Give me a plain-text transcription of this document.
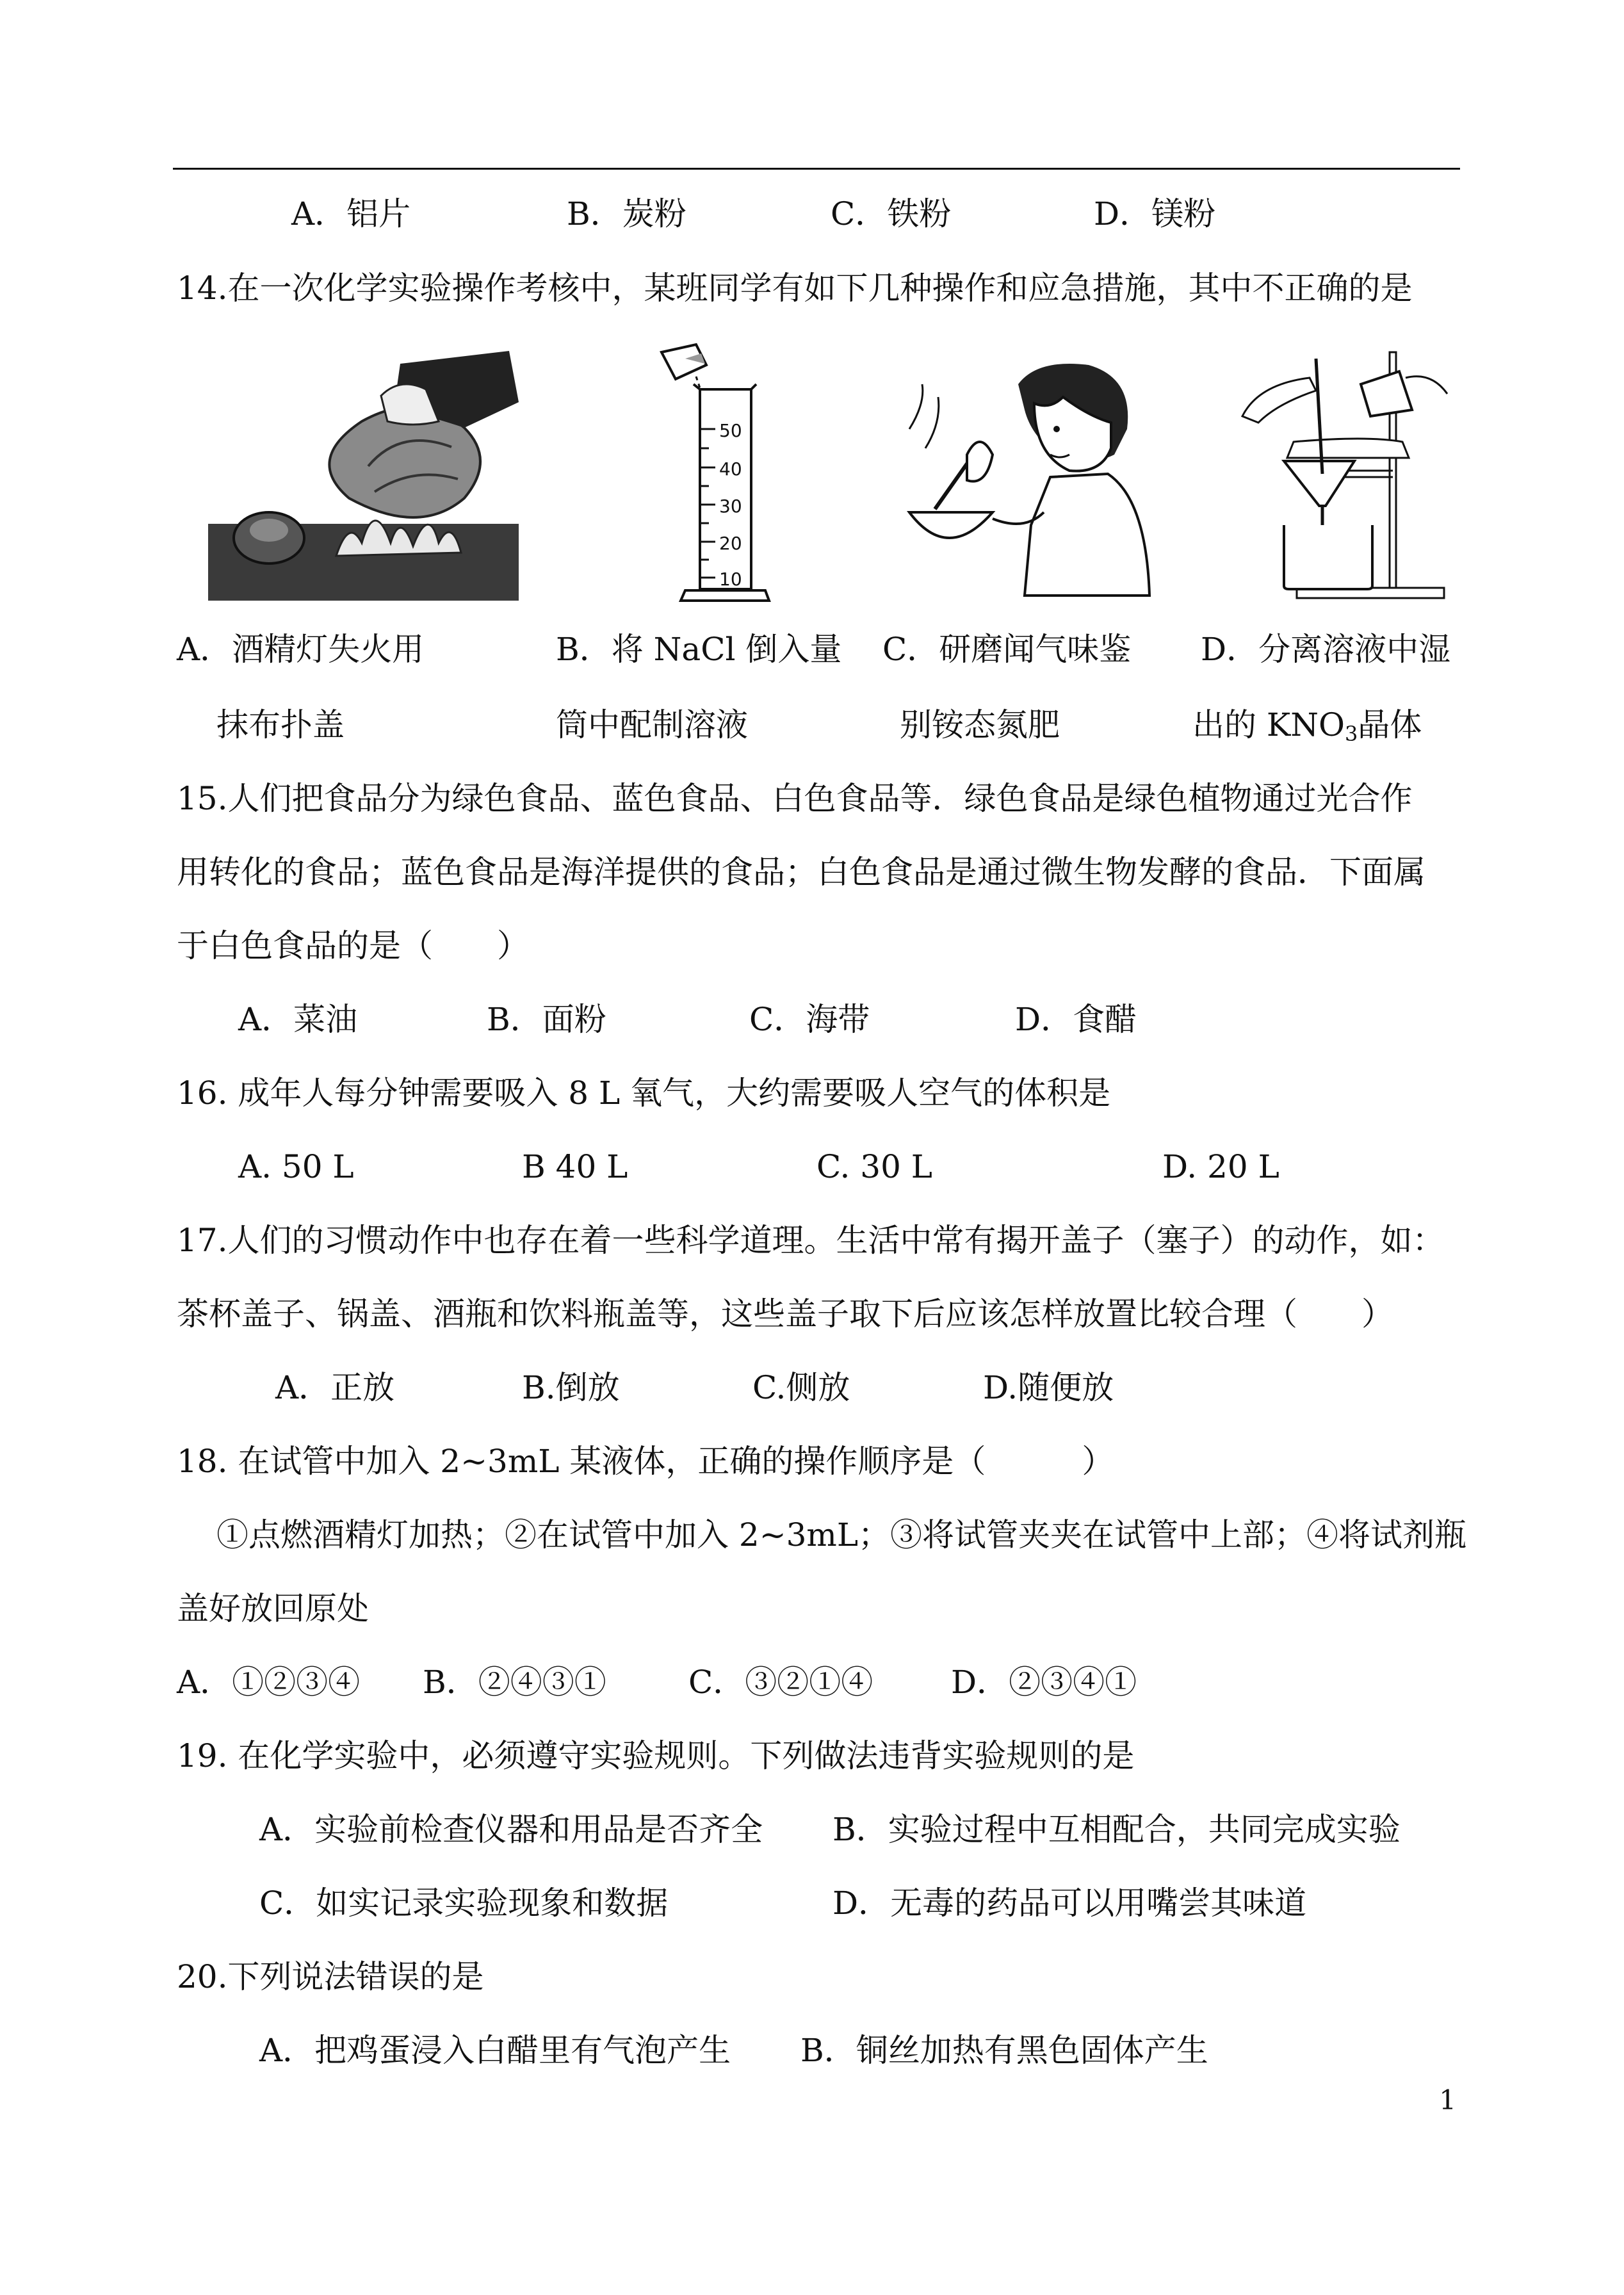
A．铝片	B．炭粉	C．铁粉	D．镁粉
14.在一次化学实验操作考核中，某班同学有如下几种操作和应急措施，其中不正确的是
50
40
30
20
10
A．酒精灯失火用
抹布扑盖
B．将 NaCl 倒入量
筒中配制溶液
C．研磨闻气味鉴
别铵态氮肥
D．分离溶液中湿
出的 $KNO_3$晶体
15.人们把食品分为绿色食品、蓝色食品、白色食品等．绿色食品是绿色植物通过光合作
用转化的食品；蓝色食品是海洋提供的食品；白色食品是通过微生物发酵的食品．下面属
于白色食品的是（　　）
A．菜油	B．面粉	C．海带	D．食醋
16. 成年人每分钟需要吸入 8 L 氧气，大约需要吸人空气的体积是
A. 50 L	B 40 L	C. 30 L	D. 20 L
17.人们的习惯动作中也存在着一些科学道理。生活中常有揭开盖子（塞子）的动作，如：
茶杯盖子、锅盖、酒瓶和饮料瓶盖等，这些盖子取下后应该怎样放置比较合理（　　）
A．正放	B.倒放	C.侧放	D.随便放
18. 在试管中加入 2~3mL 某液体，正确的操作顺序是（　　　）
①点燃酒精灯加热；②在试管中加入 2~3mL；③将试管夹夹在试管中上部；④将试剂瓶
盖好放回原处
A．①②③④ B．②④③①	C．③②①④ D．②③④①
19. 在化学实验中，必须遵守实验规则。下列做法违背实验规则的是
A．实验前检查仪器和用品是否齐全 B．实验过程中互相配合，共同完成实验
C．如实记录实验现象和数据	D．无毒的药品可以用嘴尝其味道
20.下列说法错误的是
A．把鸡蛋浸入白醋里有气泡产生 B．铜丝加热有黑色固体产生
1
